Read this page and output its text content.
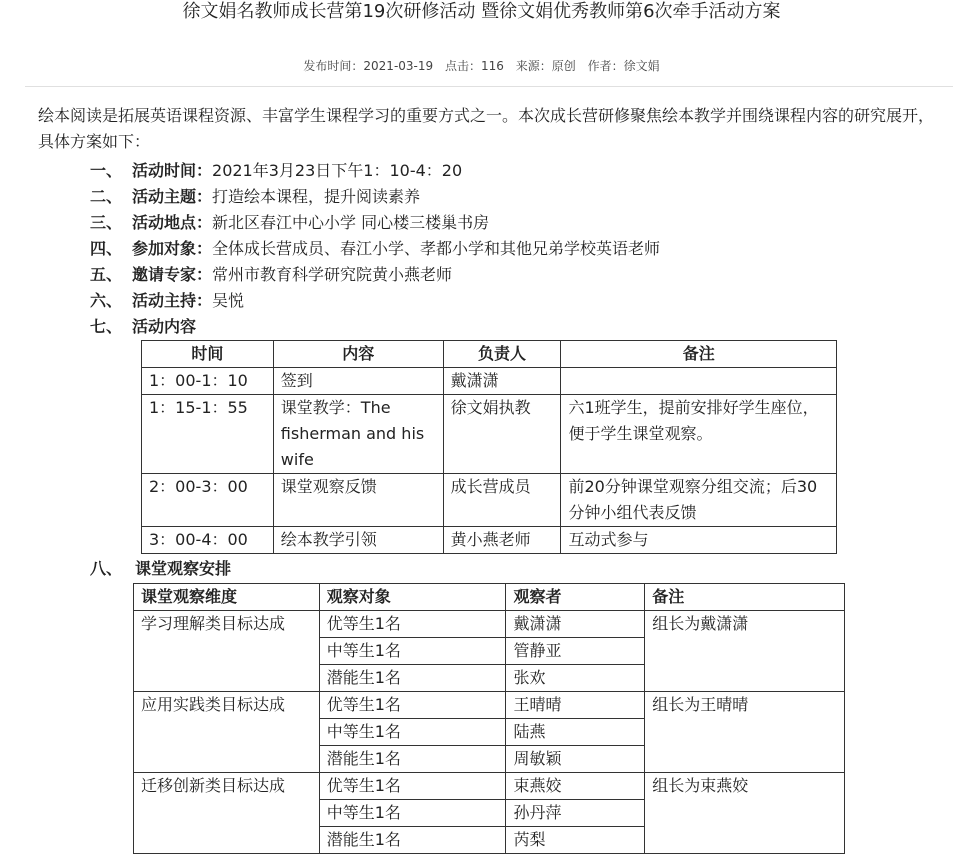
徐文娟名教师成长营第19次研修活动 暨徐文娟优秀教师第6次牵手活动方案
发布时间：2021-03-19 点击：116 来源：原创 作者：徐文娟
绘本阅读是拓展英语课程资源、丰富学生课程学习的重要方式之一。本次成长营研修聚焦绘本教学并围绕课程内容的研究展开，具体方案如下：
一、 活动时间：2021年3月23日下午1：10-4：20
二、 活动主题：打造绘本课程，提升阅读素养
三、 活动地点：新北区春江中心小学 同心楼三楼巢书房
四、 参加对象：全体成长营成员、春江小学、孝都小学和其他兄弟学校英语老师
五、 邀请专家：常州市教育科学研究院黄小燕老师
六、 活动主持：吴悦
七、 活动内容
时间	内容	负责人	备注
1：00-1：10	签到	戴潇潇	
1：15-1：55	课堂教学：The fisherman and his wife	徐文娟执教	六1班学生，提前安排好学生座位，便于学生课堂观察。
2：00-3：00	课堂观察反馈	成长营成员	前20分钟课堂观察分组交流；后30分钟小组代表反馈
3：00-4：00	绘本教学引领	黄小燕老师	互动式参与
八、 课堂观察安排
课堂观察维度	观察对象	观察者	备注
学习理解类目标达成	优等生1名	戴潇潇	组长为戴潇潇
	中等生1名	管静亚	
	潜能生1名	张欢	
应用实践类目标达成	优等生1名	王晴晴	组长为王晴晴
	中等生1名	陆燕	
	潜能生1名	周敏颖	
迁移创新类目标达成	优等生1名	束燕姣	组长为束燕姣
	中等生1名	孙丹萍	
	潜能生1名	芮梨	
